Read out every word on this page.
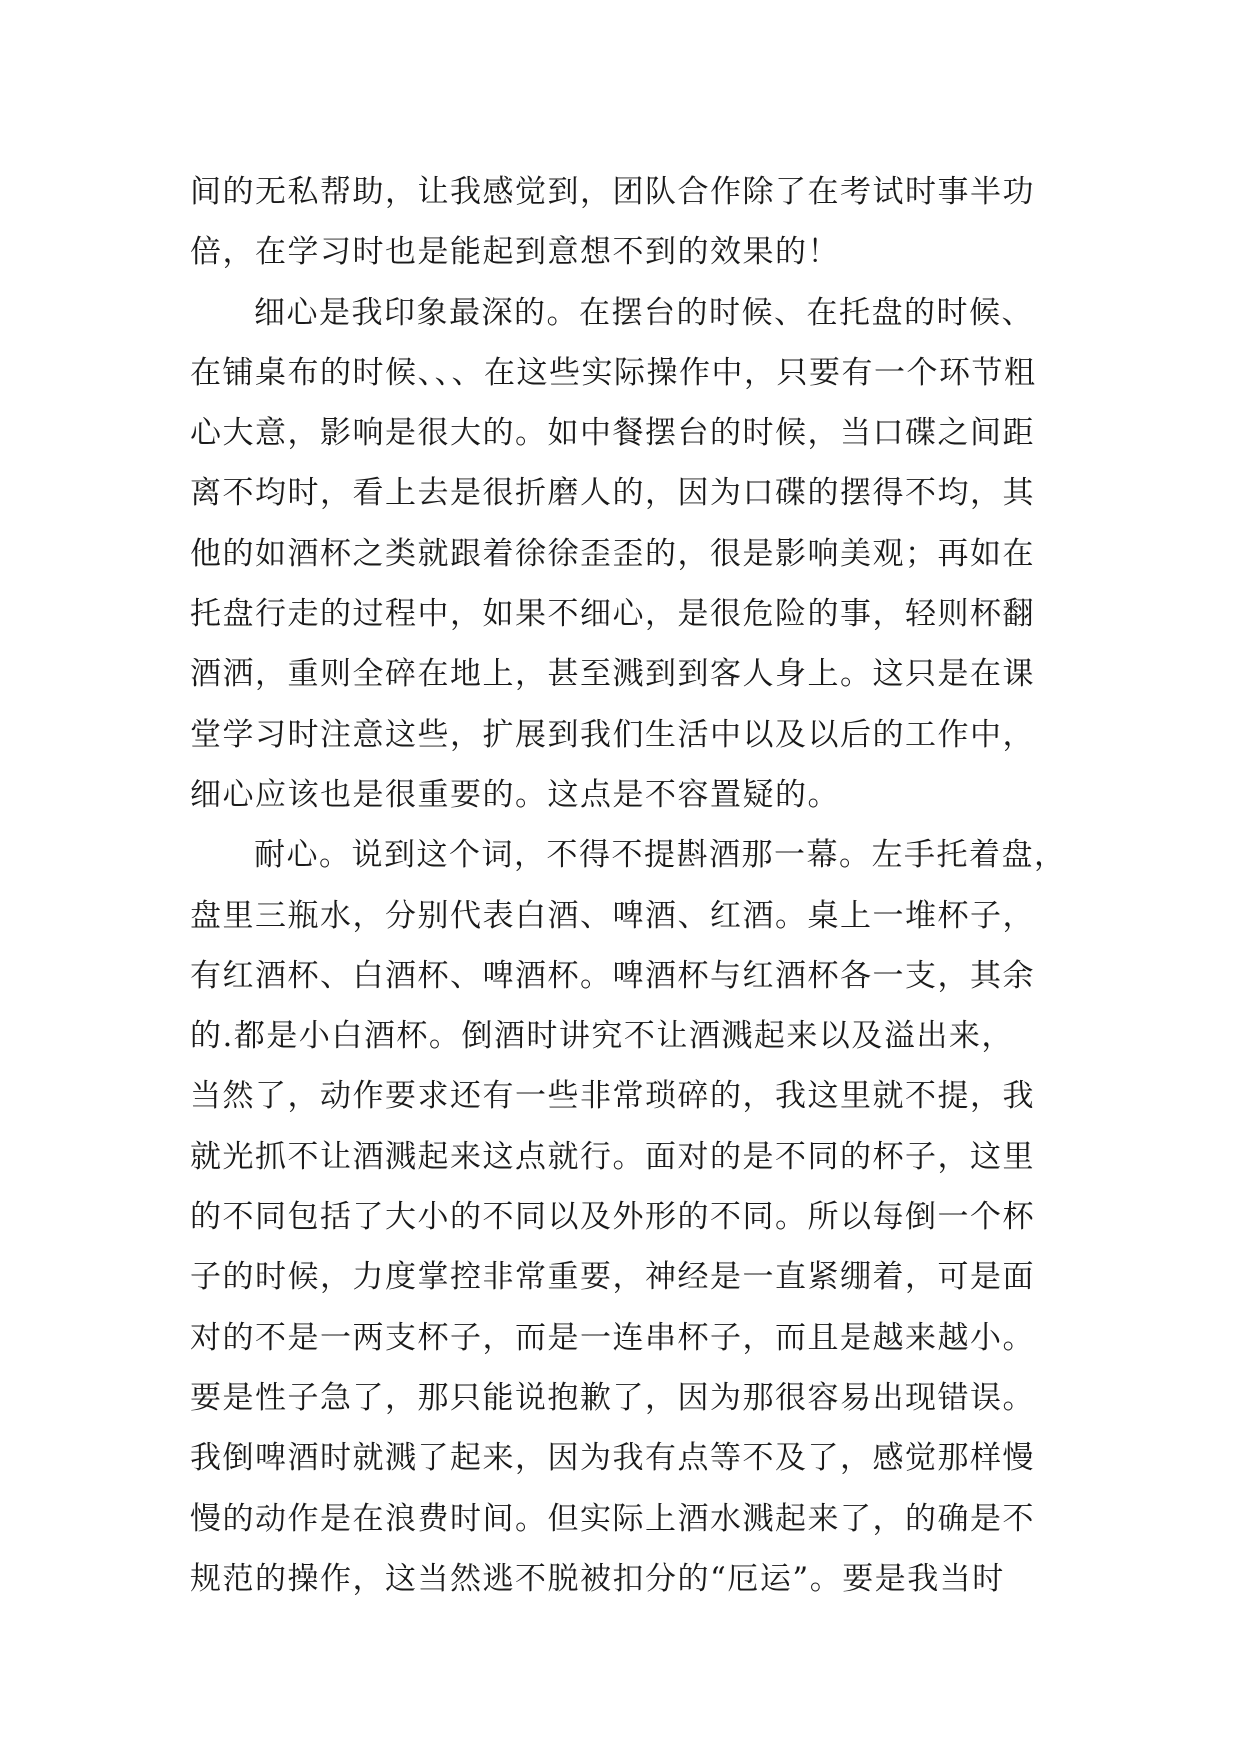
间的无私帮助，让我感觉到，团队合作除了在考试时事半功
倍，在学习时也是能起到意想不到的效果的！
细心是我印象最深的。在摆台的时候、在托盘的时候、
在铺桌布的时候、、、在这些实际操作中，只要有一个环节粗
心大意，影响是很大的。如中餐摆台的时候，当口碟之间距
离不均时，看上去是很折磨人的，因为口碟的摆得不均，其
他的如酒杯之类就跟着徐徐歪歪的，很是影响美观；再如在
托盘行走的过程中，如果不细心，是很危险的事，轻则杯翻
酒洒，重则全碎在地上，甚至溅到到客人身上。这只是在课
堂学习时注意这些，扩展到我们生活中以及以后的工作中，
细心应该也是很重要的。这点是不容置疑的。
耐心。说到这个词，不得不提斟酒那一幕。左手托着盘，
盘里三瓶水，分别代表白酒、啤酒、红酒。桌上一堆杯子，
有红酒杯、白酒杯、啤酒杯。啤酒杯与红酒杯各一支，其余
的.都是小白酒杯。倒酒时讲究不让酒溅起来以及溢出来，
当然了，动作要求还有一些非常琐碎的，我这里就不提，我
就光抓不让酒溅起来这点就行。面对的是不同的杯子，这里
的不同包括了大小的不同以及外形的不同。所以每倒一个杯
子的时候，力度掌控非常重要，神经是一直紧绷着，可是面
对的不是一两支杯子，而是一连串杯子，而且是越来越小。
要是性子急了，那只能说抱歉了，因为那很容易出现错误。
我倒啤酒时就溅了起来，因为我有点等不及了，感觉那样慢
慢的动作是在浪费时间。但实际上酒水溅起来了，的确是不
规范的操作，这当然逃不脱被扣分的“厄运”。要是我当时
